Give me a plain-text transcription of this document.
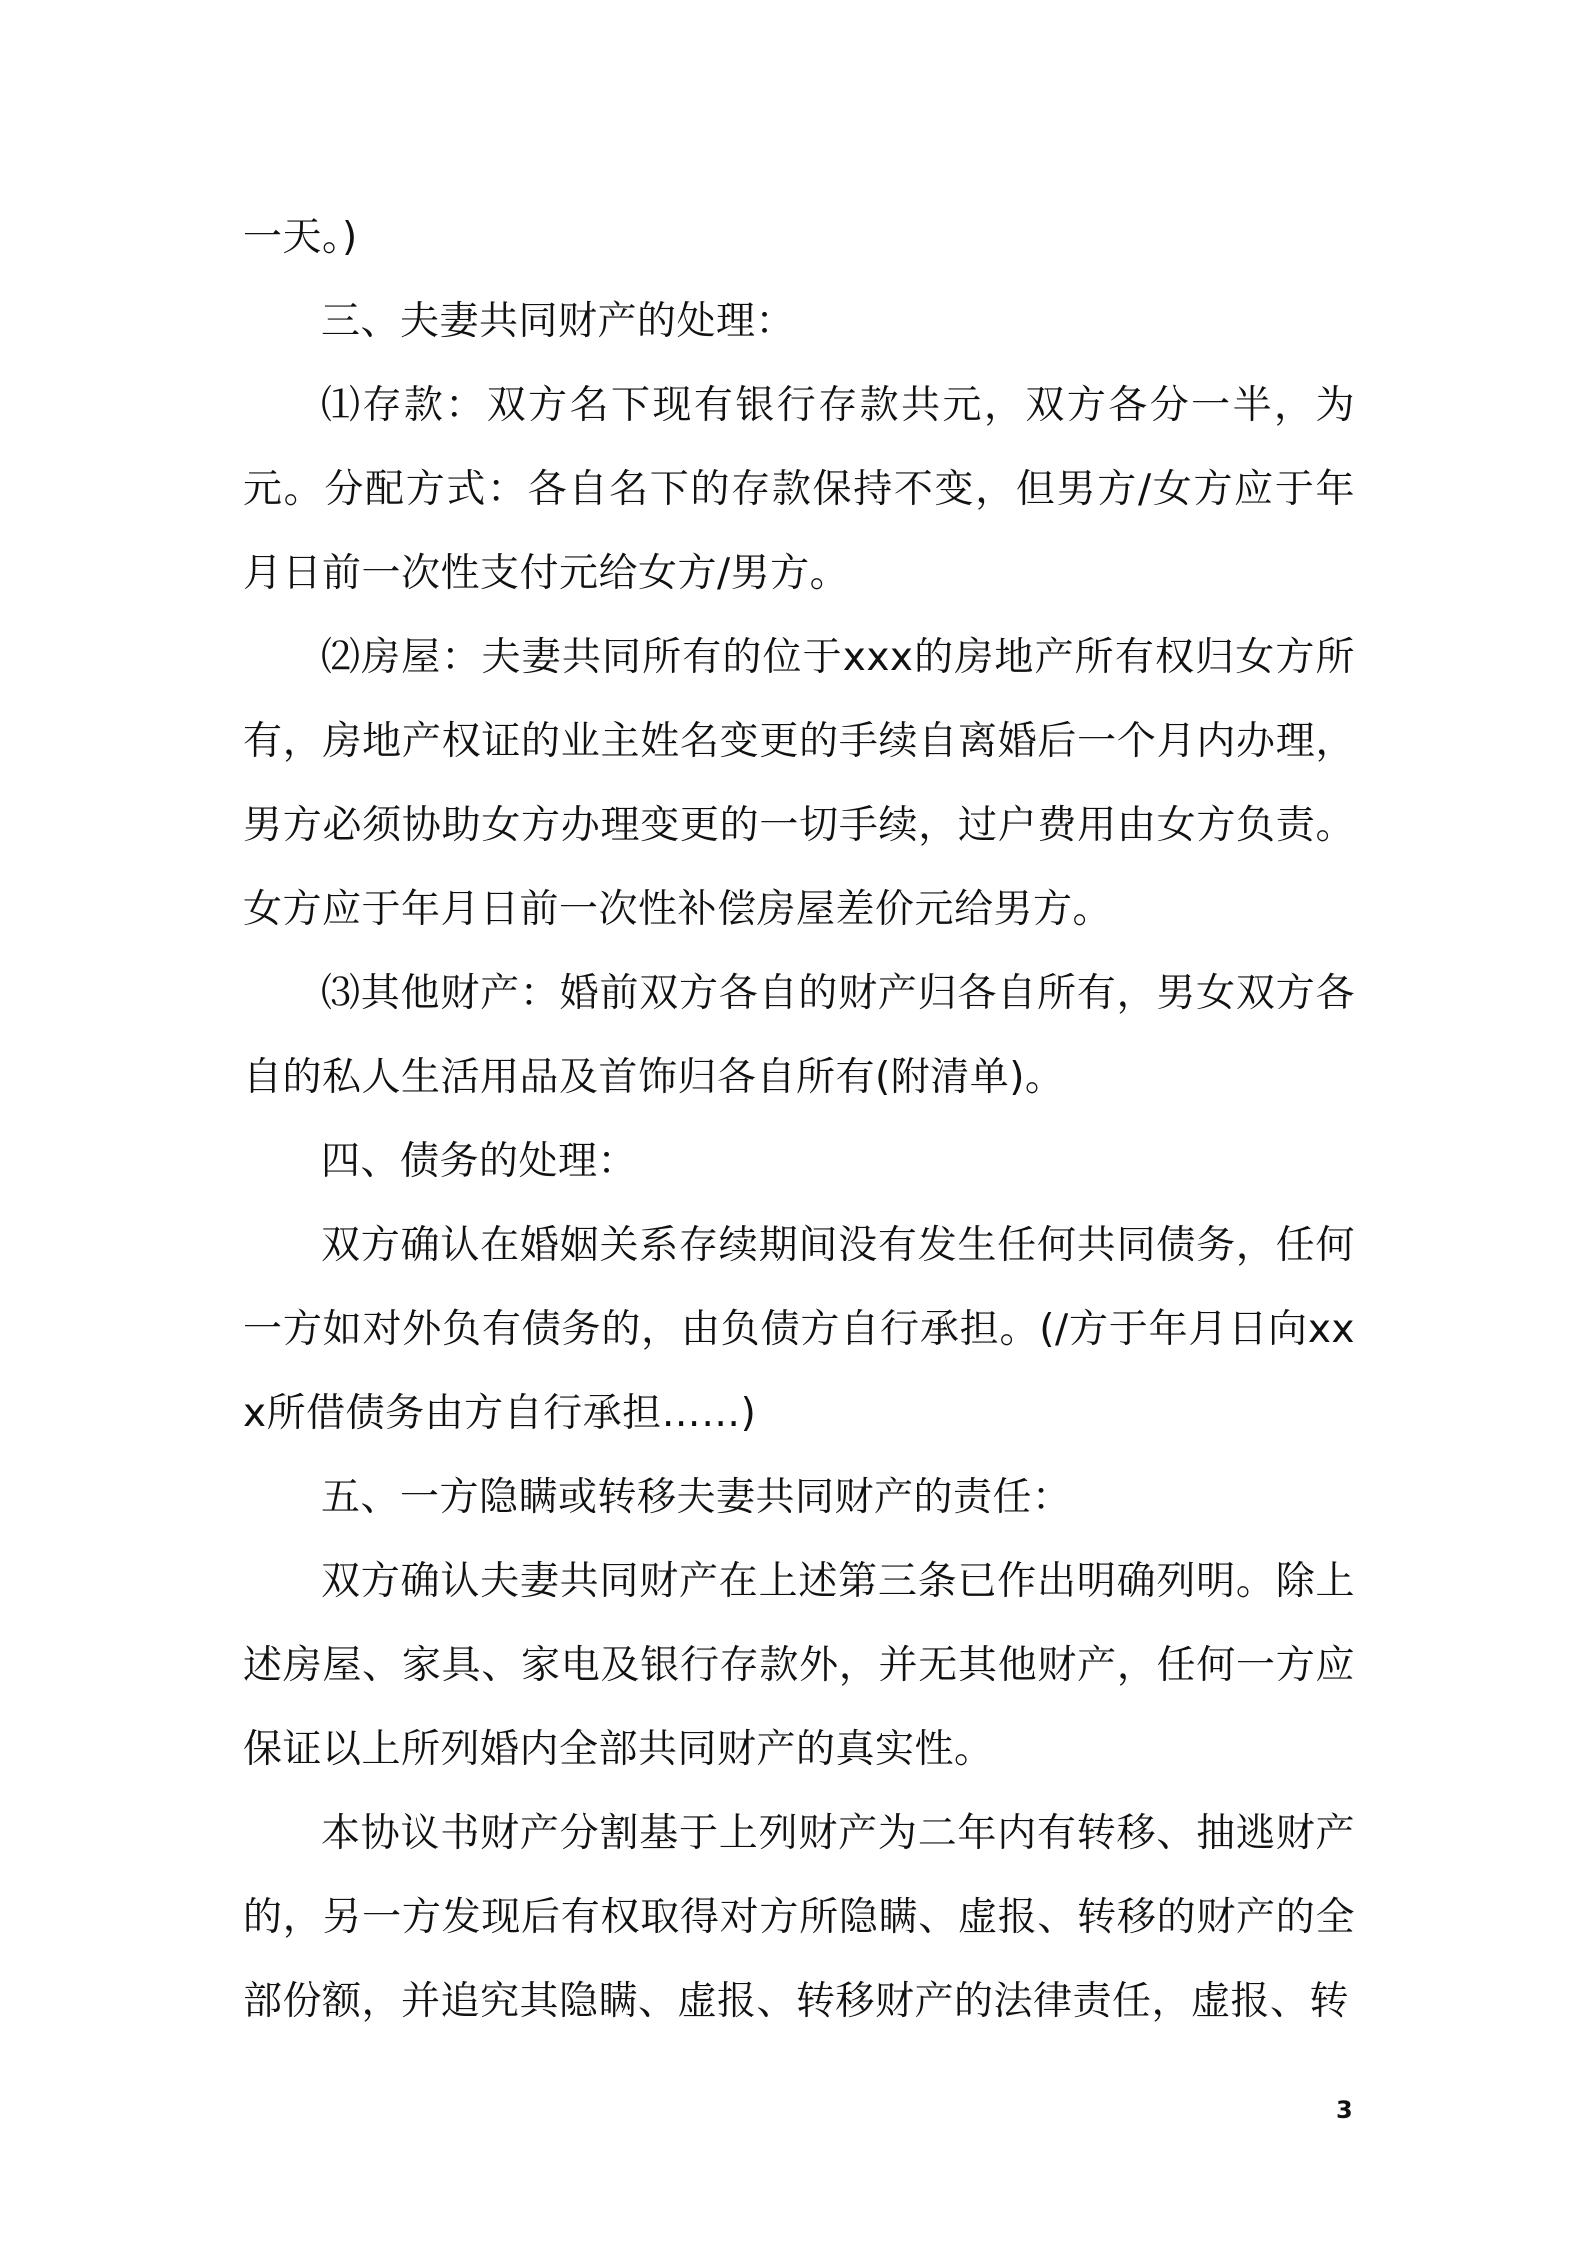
一天。)

三、夫妻共同财产的处理：

⑴存款：双方名下现有银行存款共元，双方各分一半，为元。分配方式：各自名下的存款保持不变，但男方/女方应于年月日前一次性支付元给女方/男方。

⑵房屋：夫妻共同所有的位于xxx的房地产所有权归女方所有，房地产权证的业主姓名变更的手续自离婚后一个月内办理，男方必须协助女方办理变更的一切手续，过户费用由女方负责。女方应于年月日前一次性补偿房屋差价元给男方。

⑶其他财产：婚前双方各自的财产归各自所有，男女双方各自的私人生活用品及首饰归各自所有(附清单)。

四、债务的处理：

双方确认在婚姻关系存续期间没有发生任何共同债务，任何一方如对外负有债务的，由负债方自行承担。(/方于年月日向xxx所借债务由方自行承担……)

五、一方隐瞒或转移夫妻共同财产的责任：

双方确认夫妻共同财产在上述第三条已作出明确列明。除上述房屋、家具、家电及银行存款外，并无其他财产，任何一方应保证以上所列婚内全部共同财产的真实性。

本协议书财产分割基于上列财产为二年内有转移、抽逃财产的，另一方发现后有权取得对方所隐瞒、虚报、转移的财产的全部份额，并追究其隐瞒、虚报、转移财产的法律责任，虚报、转

3
